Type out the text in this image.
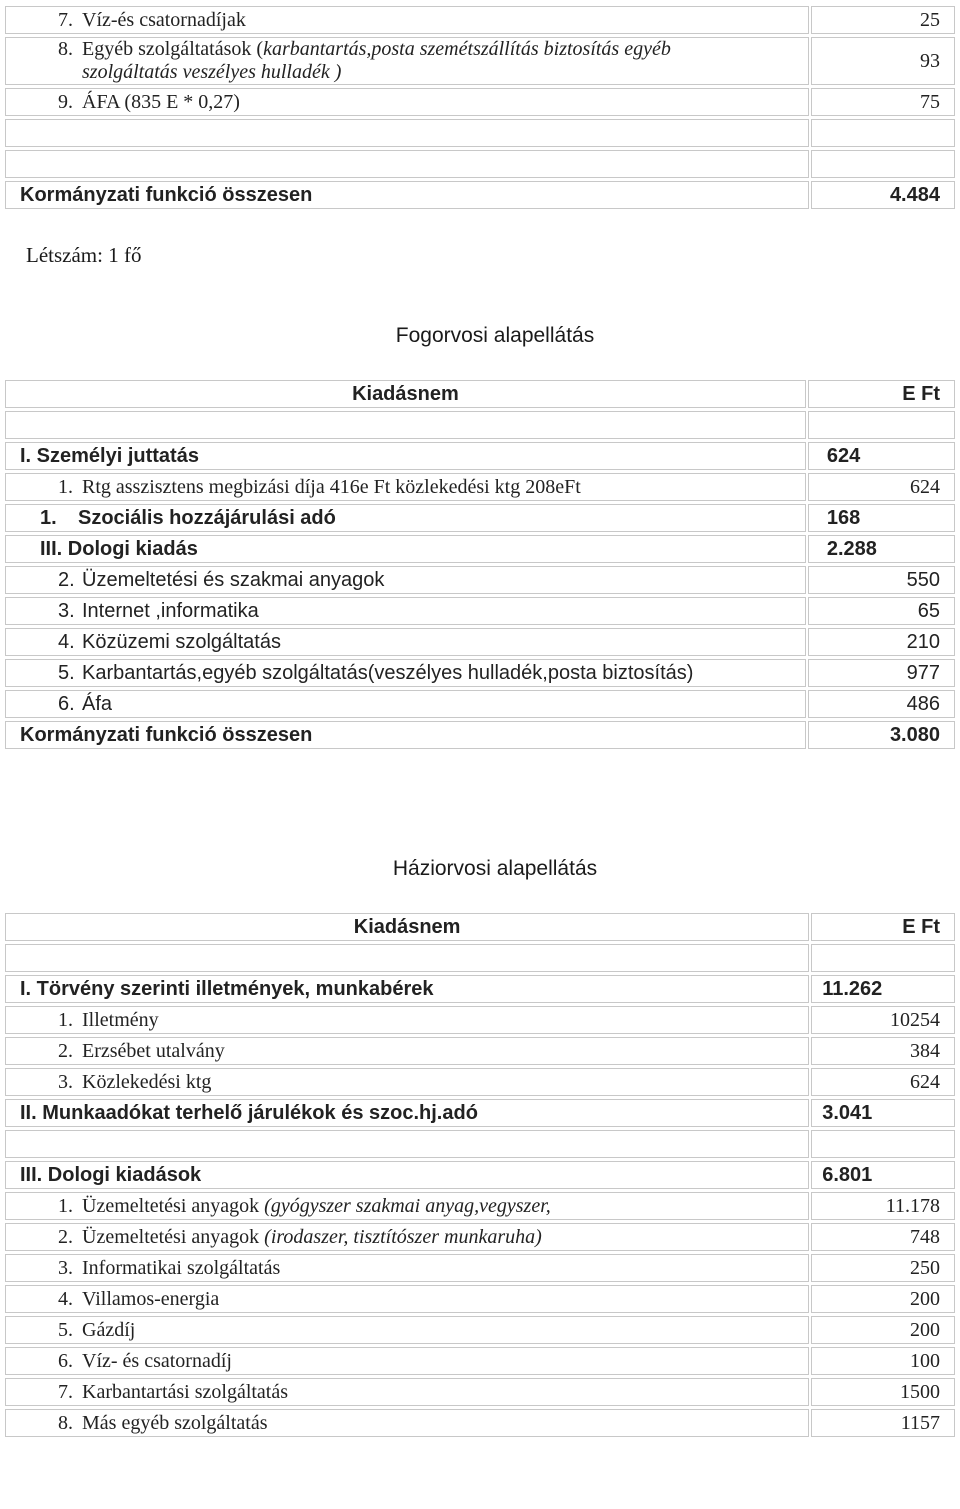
7. Víz-és csatornadíjak	25

8. Egyéb szolgáltatások (karbantartás,posta szemétszállítás biztosítás egyéb szolgáltatás veszélyes hulladék )	93
9. ÁFA (835 E * 0,27)	75

Kormányzati funkció összesen	4.484
Létszám: 1 fő
Fogorvosi alapellátás
Kiadásnem	E Ft

I. Személyi juttatás	624
1. Rtg asszisztens megbizási díja 416e Ft közlekedési ktg 208eFt	624
1. Szociális hozzájárulási adó	168
III. Dologi kiadás	2.288
2. Üzemeltetési és szakmai anyagok	550
3. Internet ,informatika	65
4. Közüzemi szolgáltatás	210
5. Karbantartás,egyéb szolgáltatás(veszélyes hulladék,posta biztosítás)	977
6. Áfa	486
Kormányzati funkció összesen	3.080
Háziorvosi alapellátás
Kiadásnem	E Ft

I. Törvény szerinti illetmények, munkabérek	11.262
1. Illetmény	10254
2. Erzsébet utalvány	384
3. Közlekedési ktg	624
II. Munkaadókat terhelő járulékok és szoc.hj.adó	3.041

III. Dologi kiadások	6.801
1. Üzemeltetési anyagok (gyógyszer szakmai anyag,vegyszer,	11.178
2. Üzemeltetési anyagok (irodaszer, tisztítószer munkaruha)	748
3. Informatikai szolgáltatás	250
4. Villamos-energia	200
5. Gázdíj	200
6. Víz- és csatornadíj	100
7. Karbantartási szolgáltatás	1500
8. Más egyéb szolgáltatás	1157
